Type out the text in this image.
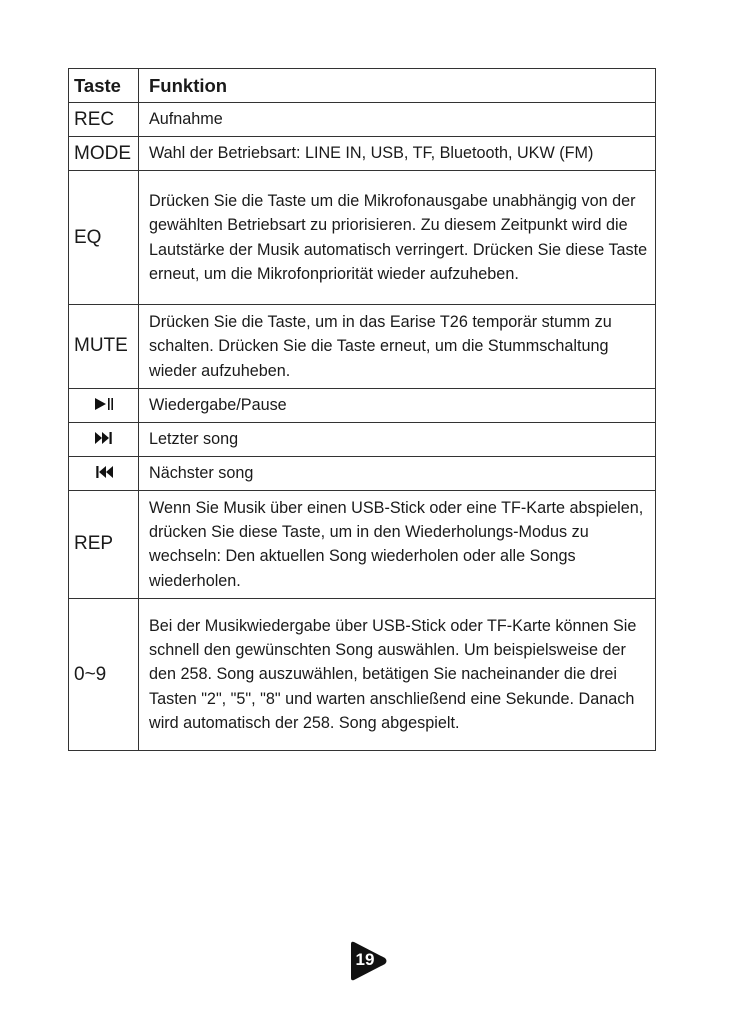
Taste	Funktion
REC	Aufnahme
MODE	Wahl der Betriebsart: LINE IN, USB, TF, Bluetooth, UKW (FM)
EQ	Drücken Sie die Taste um die Mikrofonausgabe unabhängig von der gewählten Betriebsart zu priorisieren. Zu diesem Zeitpunkt wird die Lautstärke der Musik automatisch verringert. Drücken Sie diese Taste erneut, um die Mikrofonpriorität wieder aufzuheben.
MUTE	Drücken Sie die Taste, um in das Earise T26 temporär stumm zu schalten. Drücken Sie die Taste erneut, um die Stummschaltung wieder aufzuheben.

	Wiedergabe/Pause

	Letzter song

	Nächster song
REP	Wenn Sie Musik über einen USB-Stick oder eine TF-Karte abspielen, drücken Sie diese Taste, um in den Wiederholungs-Modus zu wechseln: Den aktuellen Song wiederholen oder alle Songs wiederholen.
0~9	Bei der Musikwiedergabe über USB-Stick oder TF-Karte können Sie schnell den gewünschten Song auswählen. Um beispielsweise der den 258. Song auszuwählen, betätigen Sie nacheinander die drei Tasten "2", "5", "8" und warten anschließend eine Sekunde. Danach wird automatisch der 258. Song abgespielt.
19
